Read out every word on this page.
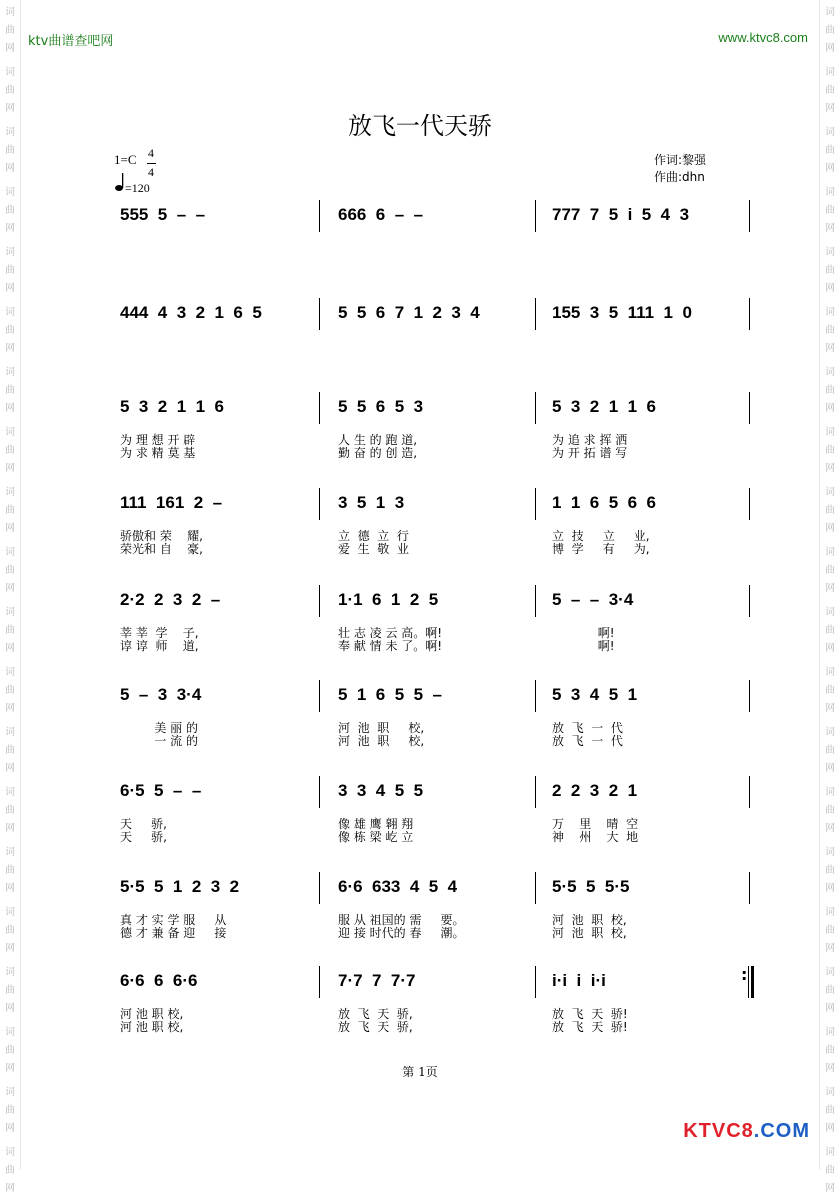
词
曲
网
词
曲
网
词
曲
网
词
曲
网
词
曲
网
词
曲
网
词
曲
网
词
曲
网
词
曲
网
词
曲
网
词
曲
网
词
曲
网
词
曲
网
词
曲
网
词
曲
网
词
曲
网
词
曲
网
词
曲
网
词
曲
网
词
曲
网
词
曲
网
词
曲
网
词
曲
网
词
曲
网
词
曲
网
词
曲
网
词
曲
网
词
曲
网
词
曲
网
词
曲
网
词
曲
网
词
曲
网
词
曲
网
词
曲
网
词
曲
网
词
曲
网
词
曲
网
词
曲
网
词
曲
网
词
曲
网
ktv曲谱查吧网	www.ktvc8.com
放飞一代天骄
1=C 4
4
=120
作词:黎强
作曲:dhn
555  5  –  –	666  6  –  –	777  7  5  i  5  4  3
444  4  3  2  1  6  5	5  5  6  7  1  2  3  4	155  3  5  111  1  0
5  3  2  1  1  6
为 理 想 开 辟
为 求 精 莫 基
5  5  6  5  3
人 生 的 跑 道,
勤 奋 的 创 造,
5  3  2  1  1  6
为 追 求 挥 洒
为 开 拓 谱 写
111  161  2  –
骄傲和 荣    耀,
荣光和 自    豪,
3  5  1  3
立  德  立  行
爱  生  敬  业
1  1  6  5  6  6
立  技     立     业,
博  学     有     为,
2·2  2  3  2  –
莘 莘  学    子,
谆 谆  师    道,
1·1  6  1  2  5
壮 志 凌 云 高。啊!
奉 献 情 未 了。啊!
5  –  –  3·4
啊!
啊!
5  –  3  3·4
美 丽 的
一 流 的
5  1  6  5  5  –
河  池  职     校,
河  池  职     校,
5  3  4  5  1
放  飞  一  代
放  飞  一  代
6·5  5  –  –
天     骄,
天     骄,
3  3  4  5  5
像 雄 鹰 翱 翔
像 栋 梁 屹 立
2  2  3  2  1
万    里    晴  空
神    州    大  地
5·5  5  1  2  3  2
真 才 实 学 服     从
德 才 兼 备 迎     接
6·6  633  4  5  4
服 从 祖国的 需     要。
迎 接 时代的 春     潮。
5·5  5  5·5
河  池  职  校,
河  池  职  校,
:
6·6  6  6·6
河 池 职 校,
河 池 职 校,
7·7  7  7·7
放  飞  天  骄,
放  飞  天  骄,
i·i  i  i·i
放  飞  天  骄!
放  飞  天  骄!
第 1页
KTVC8.COM
